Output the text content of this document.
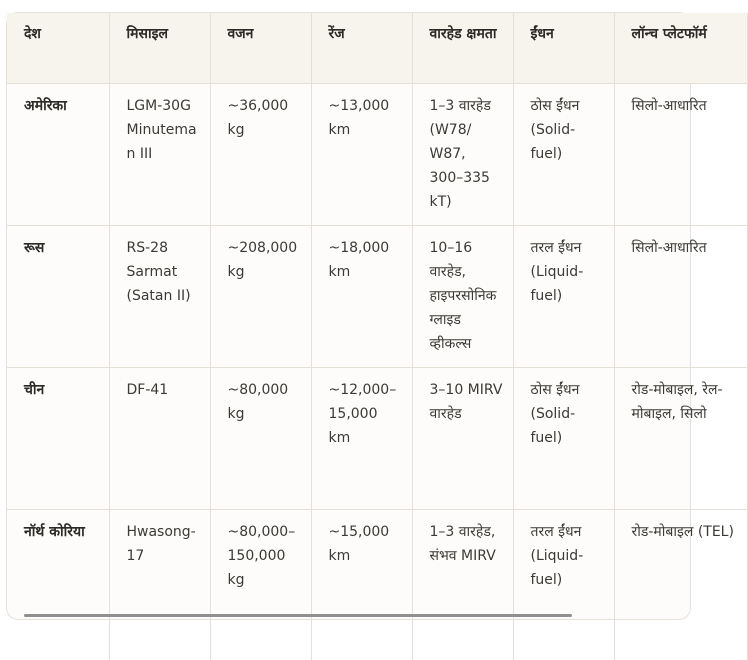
देश	मिसाइल	वजन	रेंज	वारहेड क्षमता	ईंधन	लॉन्च प्लेटफॉर्म
अमेरिका	LGM-30G Minuteman III	~36,000 kg	~13,000 km	1–3 वारहेड (W78/ W87, 300–335 kT)	ठोस ईंधन (Solid-fuel)	सिलो-आधारित
रूस	RS-28 Sarmat (Satan II)	~208,000 kg	~18,000 km	10–16 वारहेड, हाइपरसोनिक ग्लाइड व्हीकल्स	तरल ईंधन (Liquid-fuel)	सिलो-आधारित
चीन	DF-41	~80,000 kg	~12,000–15,000 km	3–10 MIRV वारहेड	ठोस ईंधन (Solid-fuel)	रोड-मोबाइल, रेल-मोबाइल, सिलो
नॉर्थ कोरिया	Hwasong-17	~80,000–150,000 kg	~15,000 km	1–3 वारहेड, संभव MIRV	तरल ईंधन (Liquid-fuel)	रोड-मोबाइल (TEL)
